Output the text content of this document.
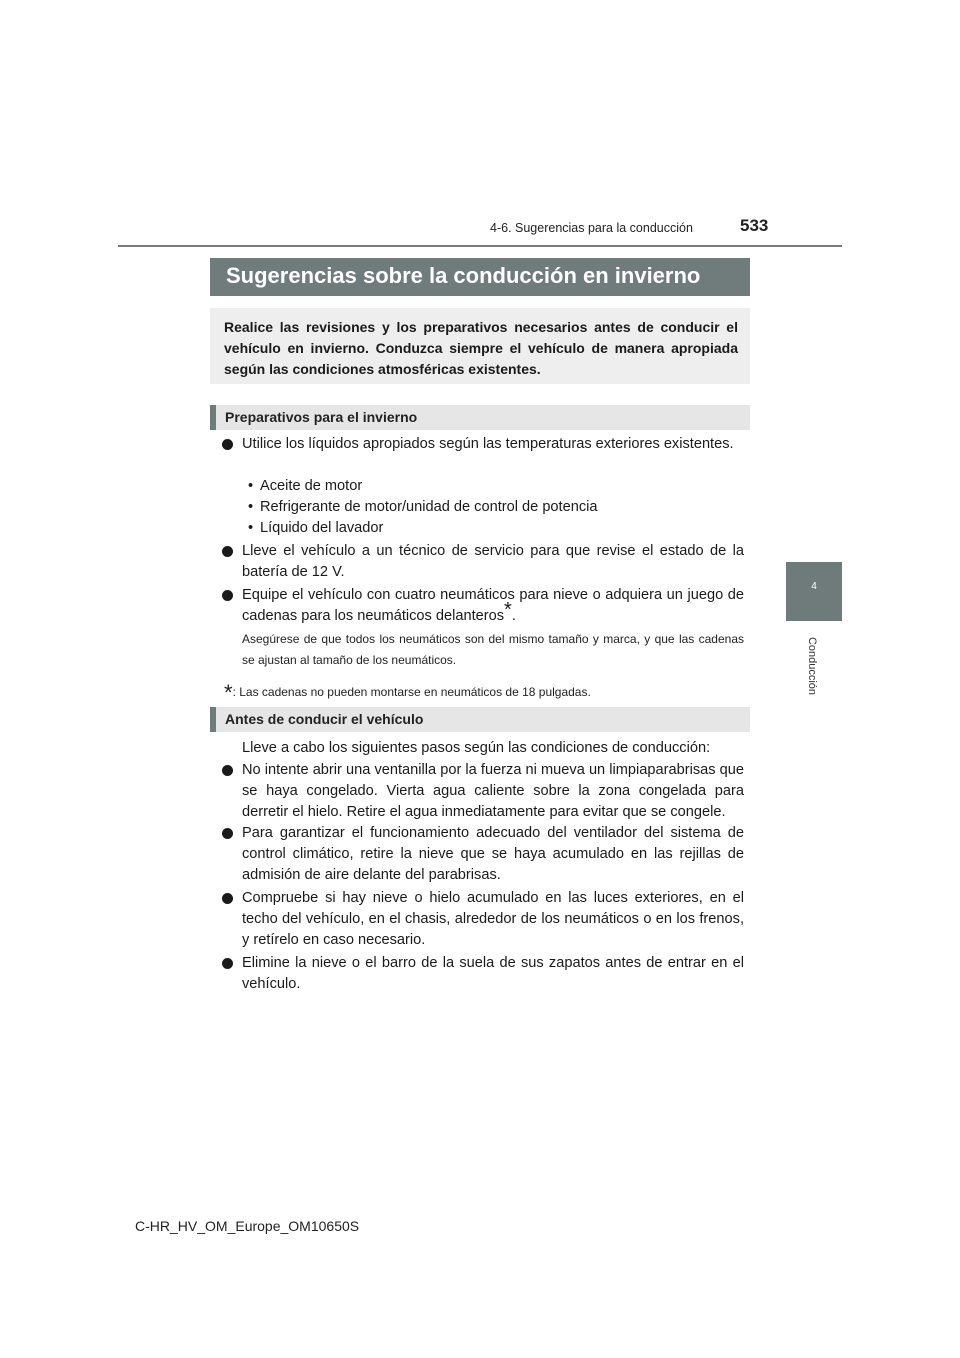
4-6. Sugerencias para la conducción	533
4
Conducción
Sugerencias sobre la conducción en invierno

Realice las revisiones y los preparativos necesarios antes de conducir el vehículo en invierno. Conduzca siempre el vehículo de manera apropiada según las condiciones atmosféricas existentes.

Preparativos para el invierno
Utilice los líquidos apropiados según las temperaturas exteriores existentes.
• Aceite de motor
• Refrigerante de motor/unidad de control de potencia
• Líquido del lavador
Lleve el vehículo a un técnico de servicio para que revise el estado de la batería de 12 V.
Equipe el vehículo con cuatro neumáticos para nieve o adquiera un juego de cadenas para los neumáticos delanteros*.
Asegúrese de que todos los neumáticos son del mismo tamaño y marca, y que las cadenas se ajustan al tamaño de los neumáticos.
*: Las cadenas no pueden montarse en neumáticos de 18 pulgadas.
Antes de conducir el vehículo
Lleve a cabo los siguientes pasos según las condiciones de conducción:
No intente abrir una ventanilla por la fuerza ni mueva un limpiaparabrisas que se haya congelado. Vierta agua caliente sobre la zona congelada para derretir el hielo. Retire el agua inmediatamente para evitar que se congele.
Para garantizar el funcionamiento adecuado del ventilador del sistema de control climático, retire la nieve que se haya acumulado en las rejillas de admisión de aire delante del parabrisas.
Compruebe si hay nieve o hielo acumulado en las luces exteriores, en el techo del vehículo, en el chasis, alrededor de los neumáticos o en los frenos, y retírelo en caso necesario.
Elimine la nieve o el barro de la suela de sus zapatos antes de entrar en el vehículo.
C-HR_HV_OM_Europe_OM10650S
